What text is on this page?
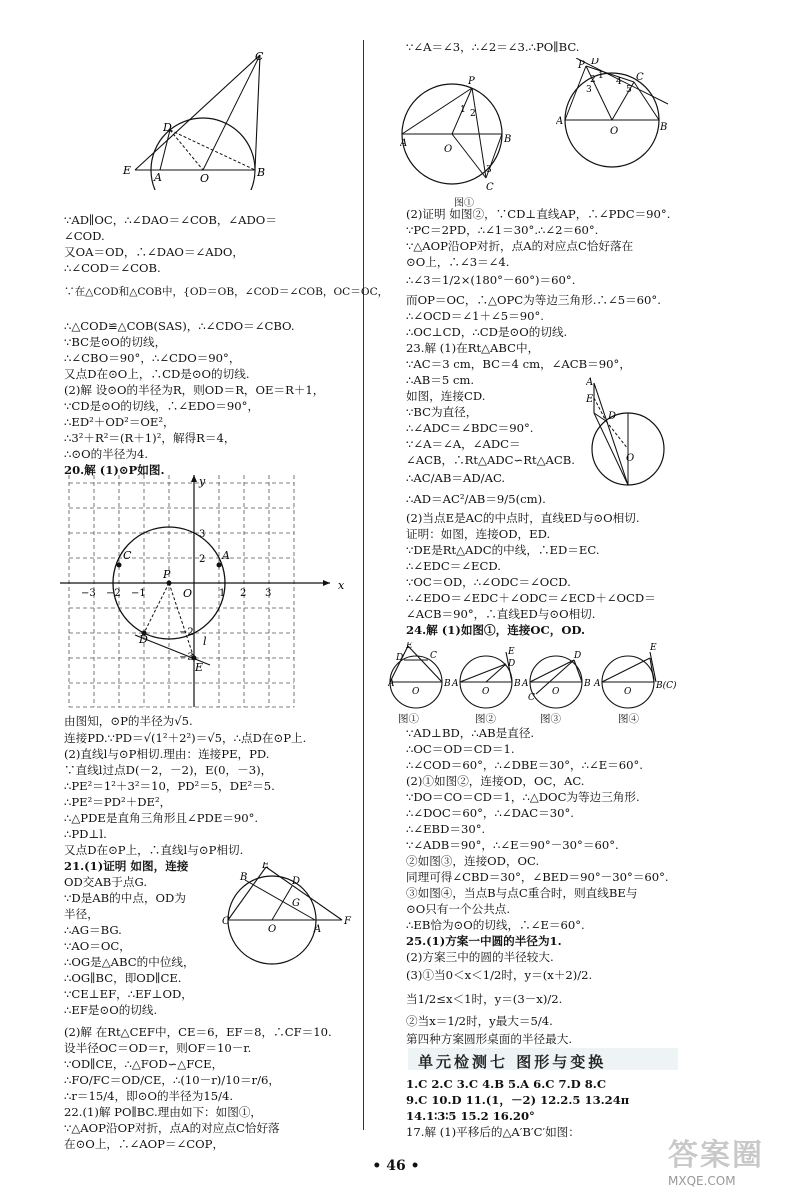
C
D
E
A	O	B
∵AD∥OC，∴∠DAO＝∠COB，∠ADO＝
∠COD.
又OA＝OD，∴∠DAO＝∠ADO，
∴∠COD＝∠COB.
∵在△COD和△COB中，{OD＝OB，∠COD＝∠COB，OC＝OC，
∴△COD≌△COB(SAS)，∴∠CDO＝∠CBO.
∵BC是⊙O的切线，
∴∠CBO＝90°，∴∠CDO＝90°，
又点D在⊙O上，∴CD是⊙O的切线.
(2)解 设⊙O的半径为R，则OD＝R，OE＝R＋1，
∵CD是⊙O的切线，∴∠EDO＝90°，
∴ED²＋OD²＝OE²，
∴3²＋R²＝(R＋1)²，解得R＝4，
∴⊙O的半径为4.
20.解 (1)⊙P如图.
x
y
C	A
P
O
D
E
l
3
2
−3 −2 −1	1 2 3
−2
−3
由图知，⊙P的半径为√5.
连接PD.∵PD＝√(1²＋2²)＝√5，∴点D在⊙P上.
(2)直线l与⊙P相切.理由：连接PE，PD.
∵直线l过点D(－2，－2)，E(0，－3)，
∴PE²＝1²＋3²＝10，PD²＝5，DE²＝5.
∴PE²＝PD²＋DE²，
∴△PDE是直角三角形且∠PDE＝90°.
∴PD⊥l.
又点D在⊙P上，∴直线l与⊙P相切.
21.(1)证明 如图，连接
OD交AB于点G.
∵D是AB的中点，OD为
半径，
∴AG＝BG.
∵AO＝OC，
∴OG是△ABC的中位线，
∴OG∥BC，即OD∥CE.
∵CE⊥EF，∴EF⊥OD，
∴EF是⊙O的切线.
E
B	D
G
C
O	A
F
(2)解 在Rt△CEF中，CE＝6，EF＝8，∴CF＝10.
设半径OC＝OD＝r，则OF＝10－r.
∵OD∥CE，∴△FOD∽△FCE，
∴FO/FC＝OD/CE，∴(10－r)/10＝r/6，
∴r＝15/4，即⊙O的半径为15/4.
22.(1)解 PO∥BC.理由如下：如图①，
∵△AOP沿OP对折，点A的对应点C恰好落
在⊙O上，∴∠AOP＝∠COP，
∵∠A＝∠3，∴∠2＝∠3.∴PO∥BC.
P
A
O
B
C
1 2
3
图①
P D
A
O	B
C
2
3
1
4
5
(2)证明 如图②，∵CD⊥直线AP，∴∠PDC＝90°.
∵PC＝2PD，∴∠1＝30°.∴∠2＝60°.
∵△AOP沿OP对折，点A的对应点C恰好落在
⊙O上，∴∠3＝∠4.
∴∠3＝1/2×(180°－60°)＝60°.
而OP＝OC，∴△OPC为等边三角形.∴∠5＝60°.
∴∠OCD＝∠1＋∠5＝90°.
∴OC⊥CD，∴CD是⊙O的切线.
23.解 (1)在Rt△ABC中，
∵AC＝3 cm，BC＝4 cm，∠ACB＝90°，
∴AB＝5 cm.
如图，连接CD.
∵BC为直径，
∴∠ADC＝∠BDC＝90°.
∵∠A＝∠A，∠ADC＝
∠ACB，∴Rt△ADC∽Rt△ACB.
∴AC/AB＝AD/AC.
∴AD＝AC²/AB＝9/5(cm).
A
E
D
O
(2)当点E是AC的中点时，直线ED与⊙O相切.
证明：如图，连接OD，ED.
∵DE是Rt△ADC的中线，∴ED＝EC.
∴∠EDC＝∠ECD.
∵OC＝OD，∴∠ODC＝∠OCD.
∴∠EDO＝∠EDC＋∠ODC＝∠ECD＋∠OCD＝
∠ACB＝90°，∴直线ED与⊙O相切.
24.解 (1)如图①，连接OC，OD.
A	B
O
E
C
D
A	B
O
E
D
A	B
O
D
C
A	B(C)
O
E
图①	图②	图③	图④
∵AD⊥BD，∴AB是直径.
∴OC＝OD＝CD＝1.
∴∠COD＝60°，∴∠DBE＝30°，∴∠E＝60°.
(2)①如图②，连接OD，OC，AC.
∵DO＝CO＝CD＝1，∴△DOC为等边三角形.
∴∠DOC＝60°，∴∠DAC＝30°.
∴∠EBD＝30°.
∵∠ADB＝90°，∴∠E＝90°－30°＝60°.
②如图③，连接OD，OC.
同理可得∠CBD＝30°，∠BED＝90°－30°＝60°.
③如图④，当点B与点C重合时，则直线BE与
⊙O只有一个公共点.
∴EB恰为⊙O的切线，∴∠E＝60°.
25.(1)方案一中圆的半径为1.
(2)方案三中的圆的半径较大.
(3)①当0＜x＜1/2时，y＝(x＋2)/2.
当1/2≤x＜1时，y＝(3－x)/2.
②当x＝1/2时，y最大＝5/4.
第四种方案圆形桌面的半径最大.
单元检测七 图形与变换
1.C 2.C 3.C 4.B 5.A 6.C 7.D 8.C
9.C 10.D 11.(1，－2) 12.2.5 13.24π
14.1∶3∶5 15.2 16.20°
17.解 (1)平移后的△A′B′C′如图：
• 46 •	答案圈
MXQE.COM
